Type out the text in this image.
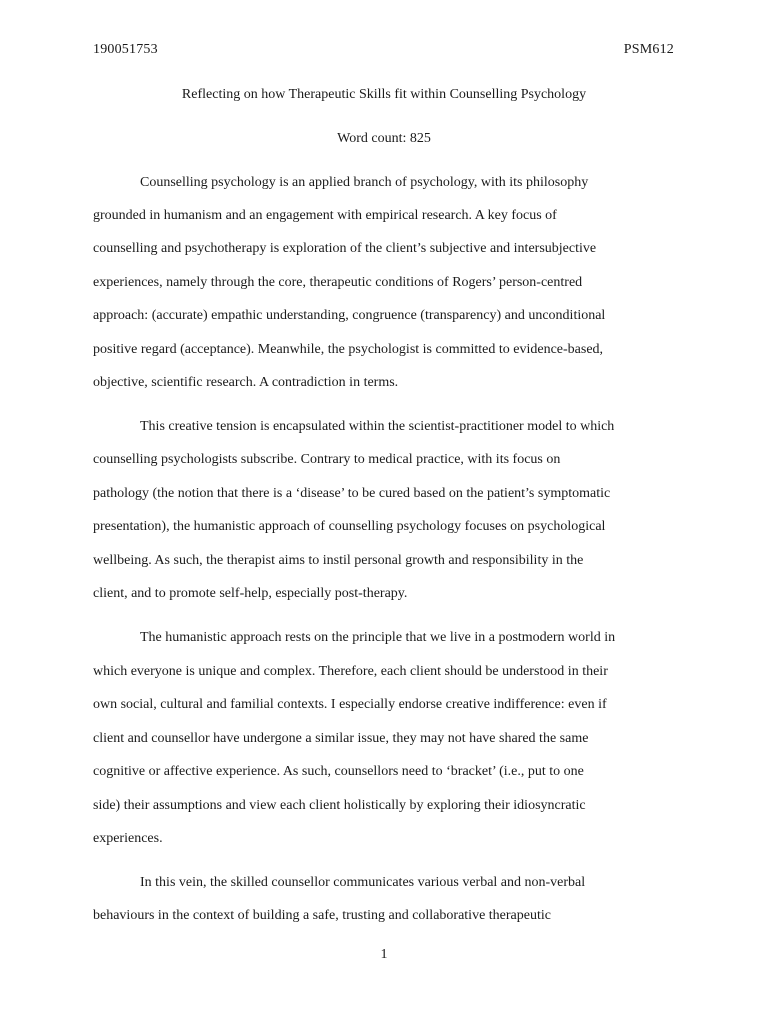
190051753	PSM612
Reflecting on how Therapeutic Skills fit within Counselling Psychology
Word count: 825
Counselling psychology is an applied branch of psychology, with its philosophy
grounded in humanism and an engagement with empirical research. A key focus of
counselling and psychotherapy is exploration of the client’s subjective and intersubjective
experiences, namely through the core, therapeutic conditions of Rogers’ person-centred
approach: (accurate) empathic understanding, congruence (transparency) and unconditional
positive regard (acceptance). Meanwhile, the psychologist is committed to evidence-based,
objective, scientific research. A contradiction in terms.
This creative tension is encapsulated within the scientist-practitioner model to which
counselling psychologists subscribe. Contrary to medical practice, with its focus on
pathology (the notion that there is a ‘disease’ to be cured based on the patient’s symptomatic
presentation), the humanistic approach of counselling psychology focuses on psychological
wellbeing. As such, the therapist aims to instil personal growth and responsibility in the
client, and to promote self-help, especially post-therapy.
The humanistic approach rests on the principle that we live in a postmodern world in
which everyone is unique and complex. Therefore, each client should be understood in their
own social, cultural and familial contexts. I especially endorse creative indifference: even if
client and counsellor have undergone a similar issue, they may not have shared the same
cognitive or affective experience. As such, counsellors need to ‘bracket’ (i.e., put to one
side) their assumptions and view each client holistically by exploring their idiosyncratic
experiences.
In this vein, the skilled counsellor communicates various verbal and non-verbal
behaviours in the context of building a safe, trusting and collaborative therapeutic
1
